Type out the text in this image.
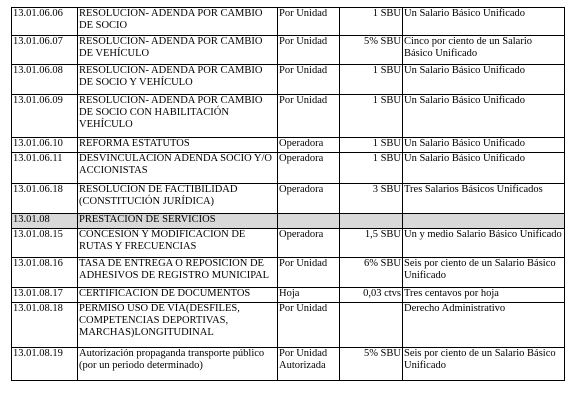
13.01.06.06	RESOLUCIÓN- ADENDA POR CAMBIO DE SOCIO	Por Unidad	1 SBU	Un Salario Básico Unificado
13.01.06.07	RESOLUCIÓN- ADENDA POR CAMBIO DE VEHÍCULO	Por Unidad	5% SBU	Cinco por ciento de un Salario Básico Unificado
13.01.06.08	RESOLUCIÓN- ADENDA POR CAMBIO DE SOCIO Y VEHÍCULO	Por Unidad	1 SBU	Un Salario Básico Unificado
13.01.06.09	RESOLUCIÓN- ADENDA POR CAMBIO DE SOCIO CON HABILITACIÓN VEHÍCULO	Por Unidad	1 SBU	Un Salario Básico Unificado
13.01.06.10	REFORMA ESTATUTOS	Operadora	1 SBU	Un Salario Básico Unificado
13.01.06.11	DESVINCULACIÓN ADENDA SOCIO Y/O ACCIONISTAS	Operadora	1 SBU	Un Salario Básico Unificado
13.01.06.18	RESOLUCIÓN DE FACTIBILIDAD (CONSTITUCIÓN JURÍDICA)	Operadora	3 SBU	Tres Salarios Básicos Unificados
13.01.08	PRESTACIÓN DE SERVICIOS			
13.01.08.15	CONCESIÓN Y MODIFICACIÓN DE RUTAS Y FRECUENCIAS	Operadora	1,5 SBU	Un y medio Salario Básico Unificado
13.01.08.16	TASA DE ENTREGA O REPOSICIÓN DE ADHESIVOS DE REGISTRO MUNICIPAL	Por Unidad	6% SBU	Seis por ciento de un Salario Básico Unificado
13.01.08.17	CERTIFICACIÓN DE DOCUMENTOS	Hoja	0,03 ctvs	Tres centavos por hoja
13.01.08.18	PERMISO USO DE VÍA(DESFILES, COMPETENCIAS DEPORTIVAS, MARCHAS)LONGITUDINAL	Por Unidad		Derecho Administrativo
13.01.08.19	Autorización propaganda transporte público (por un periodo determinado)	Por Unidad Autorizada	5% SBU	Seis por ciento de un Salario Básico Unificado
